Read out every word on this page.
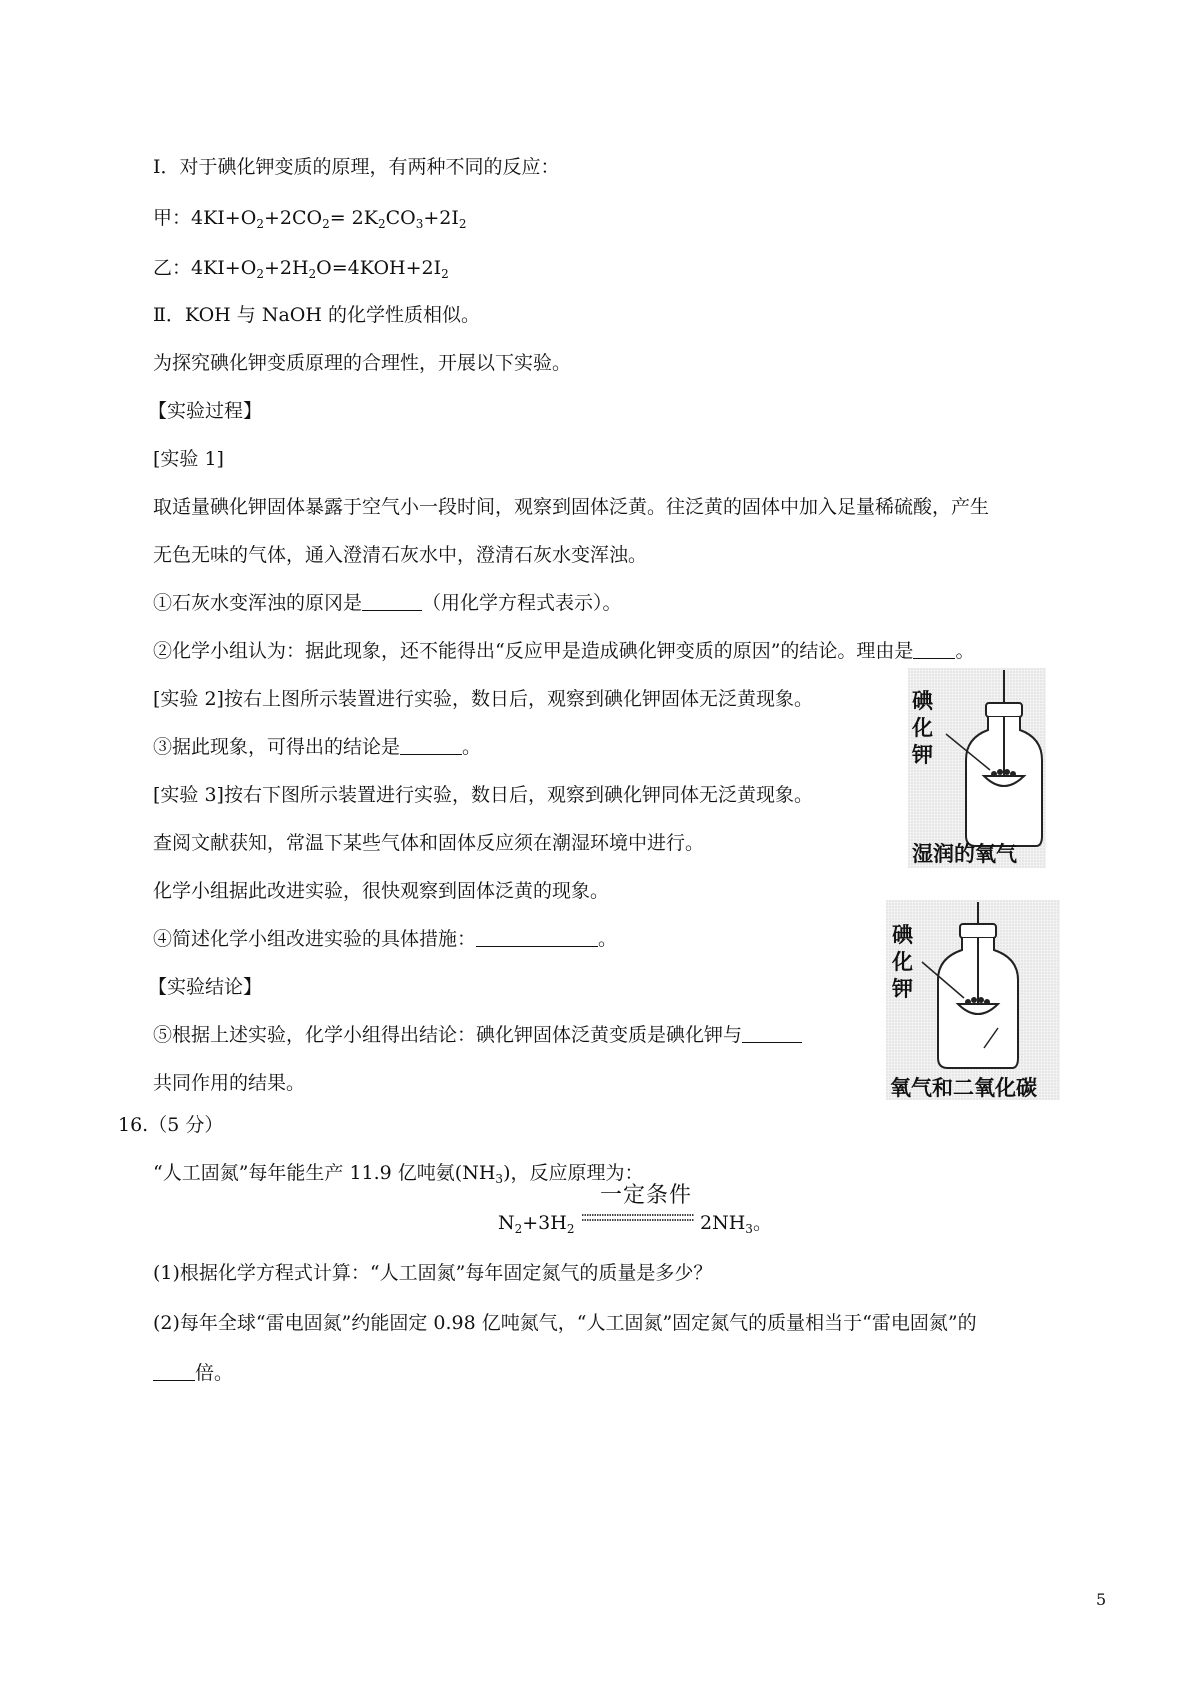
I．对于碘化钾变质的原理，有两种不同的反应：
甲：$4KI+O_2+2CO_2= 2K_2CO_3+2I_2$
乙：$4KI+O_2+2H_2O=4KOH+2I_2$
Ⅱ．KOH 与 NaOH 的化学性质相似。
为探究碘化钾变质原理的合理性，开展以下实验。
【实验过程】
[实验 1]
取适量碘化钾固体暴露于空气小一段时间，观察到固体泛黄。往泛黄的固体中加入足量稀硫酸，产生
无色无味的气体，通入澄清石灰水中，澄清石灰水变浑浊。
①石灰水变浑浊的原冈是	（用化学方程式表示）。
②化学小组认为：据此现象，还不能得出“反应甲是造成碘化钾变质的原因”的结论。理由是 。
[实验 2]按右上图所示装置进行实验，数日后，观察到碘化钾固体无泛黄现象。
③据此现象，可得出的结论是	。
[实验 3]按右下图所示装置进行实验，数日后，观察到碘化钾同体无泛黄现象。
查阅文献获知，常温下某些气体和固体反应须在潮湿环境中进行。
化学小组据此改进实验，很快观察到固体泛黄的现象。
④简述化学小组改进实验的具体措施：	。
【实验结论】
⑤根据上述实验，化学小组得出结论：碘化钾固体泛黄变质是碘化钾与
共同作用的结果。
碘
化
钾
湿润的氧气
碘
化
钾
氧气和二氧化碳
16.（5 分）
“人工固氮”每年能生产 11.9 亿吨氨$(NH_3)$，反应原理为：
一定条件
$N_2+3H_2$	$2NH_3$。
(1)根据化学方程式计算：“人工固氮”每年固定氮气的质量是多少？
(2)每年全球“雷电固氮”约能固定 0.98 亿吨氮气，“人工固氮”固定氮气的质量相当于“雷电固氮”的
倍。
5
